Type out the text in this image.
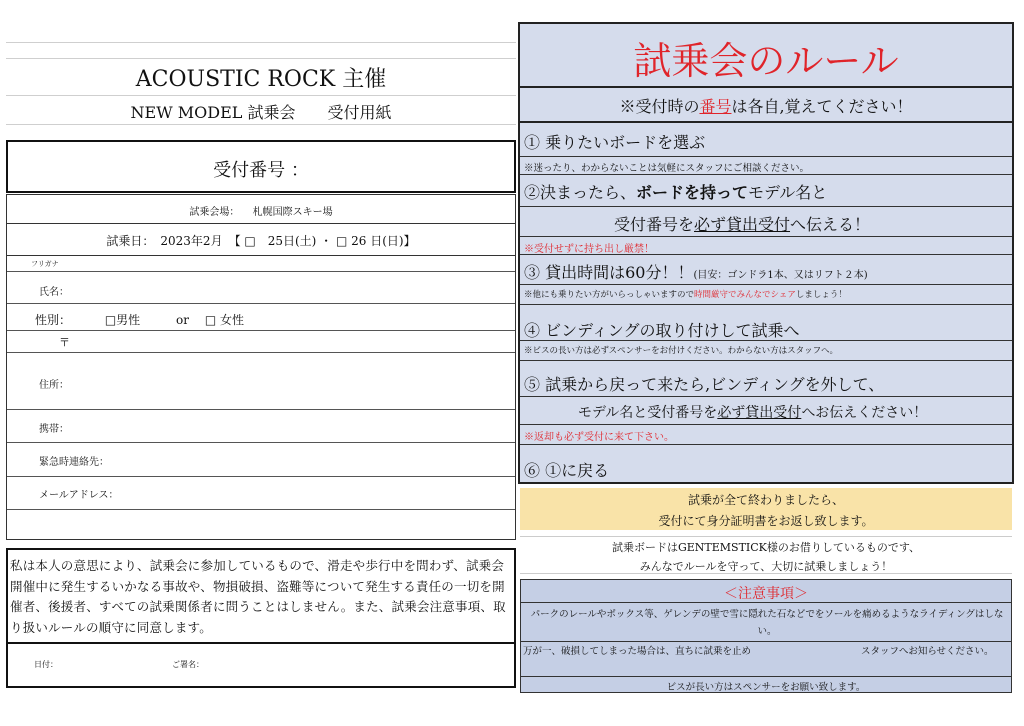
ACOUSTIC ROCK 主催
NEW MODEL 試乗会　　受付用紙
受付番号 ：
試乗会場： 札幌国際スキー場
試乗日：　2023年2月　【 □　25日(土) ・ □ 26 日(日)】
フリガナ
氏名：
性別：	□男性	or □ 女性
〒
住所：
携帯：
緊急時連絡先：
メールアドレス：
私は本人の意思により、試乗会に参加しているもので、滑走や歩行中を問わず、試乗会開催中に発生するいかなる事故や、物損破損、盗難等について発生する責任の一切を開催者、後援者、すべての試乗関係者に問うことはしません。また、試乗会注意事項、取り扱いルールの順守に同意します。
日付：	ご署名：
試乗会のルール
※受付時の番号は各自,覚えてください！
① 乗りたいボードを選ぶ
※迷ったり、わからないことは気軽にスタッフにご相談ください。
②決まったら、ボードを持ってモデル名と
受付番号を必ず貸出受付へ伝える！
※受付せずに持ち出し厳禁！
③ 貸出時間は60分！！(目安：ゴンドラ1本、又はリフト２本)
※他にも乗りたい方がいらっしゃいますので時間厳守でみんなでシェアしましょう！
④ ビンディングの取り付けして試乗へ
※ビスの長い方は必ずスペンサーをお付けください。わからない方はスタッフへ。
⑤ 試乗から戻って来たら,ビンディングを外して、
モデル名と受付番号を必ず貸出受付へお伝えください！
※返却も必ず受付に来て下さい。
⑥ ①に戻る
試乗が全て終わりましたら、
受付にて身分証明書をお返し致します。
試乗ボードはGENTEMSTICK様のお借りしているものです、
みんなでルールを守って、大切に試乗しましょう！
＜注意事項＞
パークのレールやボックス等、ゲレンデの壁で雪に隠れた石などでをソールを痛めるようなライディングはしない。
万が一、破損してしまった場合は、直ちに試乗を止め	スタッフへお知らせください。
ビスが長い方はスペンサーをお願い致します。
